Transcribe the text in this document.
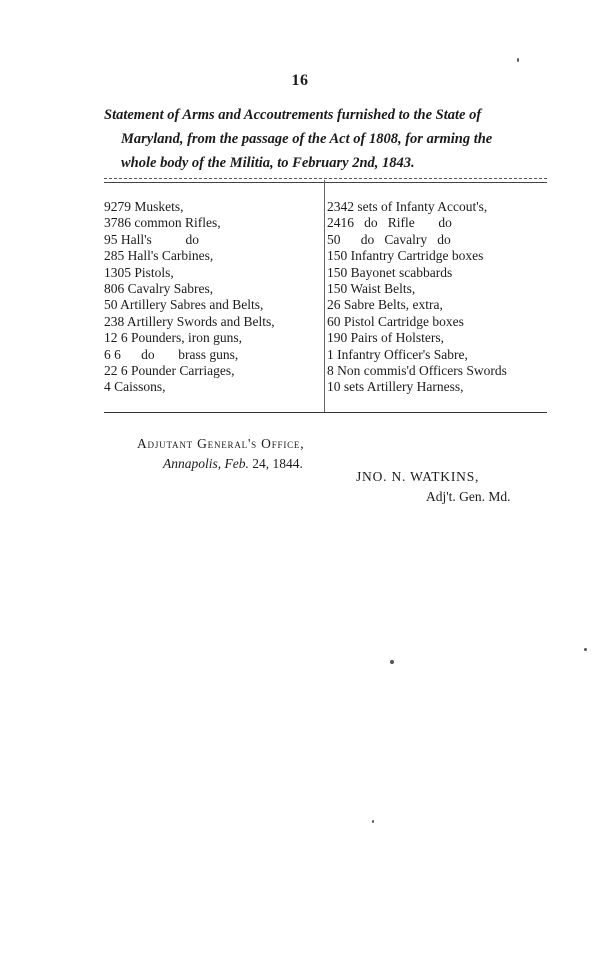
16
Statement of Arms and Accoutrements furnished to the State of
Maryland, from the passage of the Act of 1808, for arming the
whole body of the Militia, to February 2nd, 1843.
9279 Muskets,
3786 common Rifles,
95 Hall's          do
285 Hall's Carbines,
1305 Pistols,
806 Cavalry Sabres,
50 Artillery Sabres and Belts,
238 Artillery Swords and Belts,
12 6 Pounders, iron guns,
6 6      do       brass guns,
22 6 Pounder Carriages,
4 Caissons,
2342 sets of Infanty Accout's,
2416   do   Rifle       do
50      do   Cavalry   do
150 Infantry Cartridge boxes
150 Bayonet scabbards
150 Waist Belts,
26 Sabre Belts, extra,
60 Pistol Cartridge boxes
190 Pairs of Holsters,
1 Infantry Officer's Sabre,
8 Non commis'd Officers Swords
10 sets Artillery Harness,
Adjutant General's Office,
Annapolis, Feb. 24, 1844.
JNO. N. WATKINS,
Adj't. Gen. Md.
